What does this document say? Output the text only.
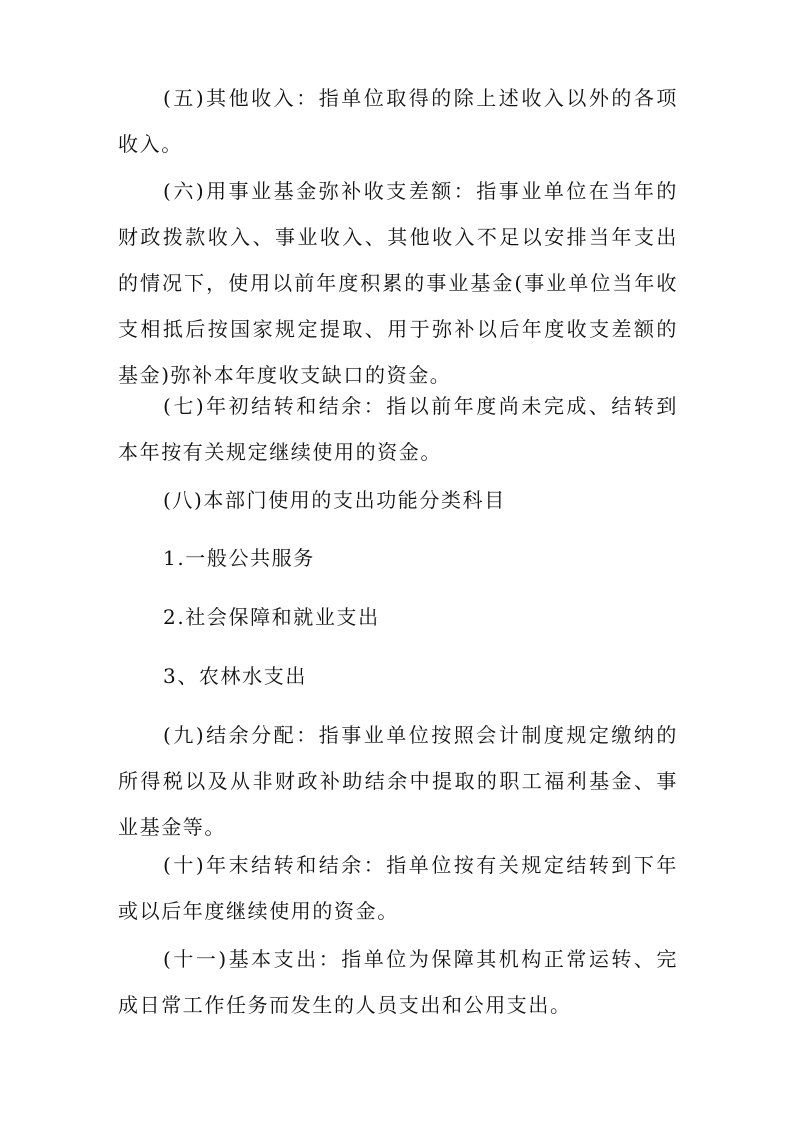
(五)其他收入：指单位取得的除上述收入以外的各项收入。

(六)用事业基金弥补收支差额：指事业单位在当年的财政拨款收入、事业收入、其他收入不足以安排当年支出的情况下，使用以前年度积累的事业基金(事业单位当年收支相抵后按国家规定提取、用于弥补以后年度收支差额的基金)弥补本年度收支缺口的资金。

(七)年初结转和结余：指以前年度尚未完成、结转到本年按有关规定继续使用的资金。

(八)本部门使用的支出功能分类科目

1.一般公共服务

2.社会保障和就业支出

3、农林水支出

(九)结余分配：指事业单位按照会计制度规定缴纳的所得税以及从非财政补助结余中提取的职工福利基金、事业基金等。

(十)年末结转和结余：指单位按有关规定结转到下年或以后年度继续使用的资金。

(十一)基本支出：指单位为保障其机构正常运转、完成日常工作任务而发生的人员支出和公用支出。
